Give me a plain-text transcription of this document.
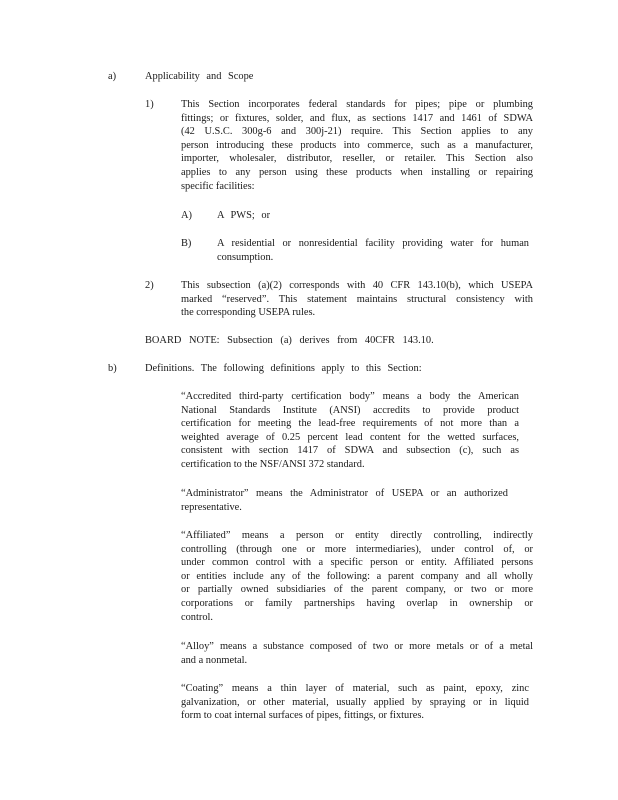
a)	Applicability and Scope
1)	This Section incorporates federal standards for pipes; pipe or plumbing
fittings; or fixtures, solder, and flux, as sections 1417 and 1461 of SDWA
(42 U.S.C. 300g-6 and 300j-21) require. This Section applies to any
person introducing these products into commerce, such as a manufacturer,
importer, wholesaler, distributor, reseller, or retailer. This Section also
applies to any person using these products when installing or repairing
specific facilities:
A) A PWS; or
B) A residential or nonresidential facility providing water for human
consumption.
2)	This subsection (a)(2) corresponds with 40 CFR 143.10(b), which USEPA
marked “reserved”. This statement maintains structural consistency with
the corresponding USEPA rules.
BOARD NOTE: Subsection (a) derives from 40CFR 143.10.
b)	Definitions. The following definitions apply to this Section:
“Accredited third-party certification body” means a body the American
National Standards Institute (ANSI) accredits to provide product
certification for meeting the lead-free requirements of not more than a
weighted average of 0.25 percent lead content for the wetted surfaces,
consistent with section 1417 of SDWA and subsection (c), such as
certification to the NSF/ANSI 372 standard.
“Administrator” means the Administrator of USEPA or an authorized
representative.
“Affiliated” means a person or entity directly controlling, indirectly
controlling (through one or more intermediaries), under control of, or
under common control with a specific person or entity. Affiliated persons
or entities include any of the following: a parent company and all wholly
or partially owned subsidiaries of the parent company, or two or more
corporations or family partnerships having overlap in ownership or
control.
“Alloy” means a substance composed of two or more metals or of a metal
and a nonmetal.
“Coating” means a thin layer of material, such as paint, epoxy, zinc
galvanization, or other material, usually applied by spraying or in liquid
form to coat internal surfaces of pipes, fittings, or fixtures.
